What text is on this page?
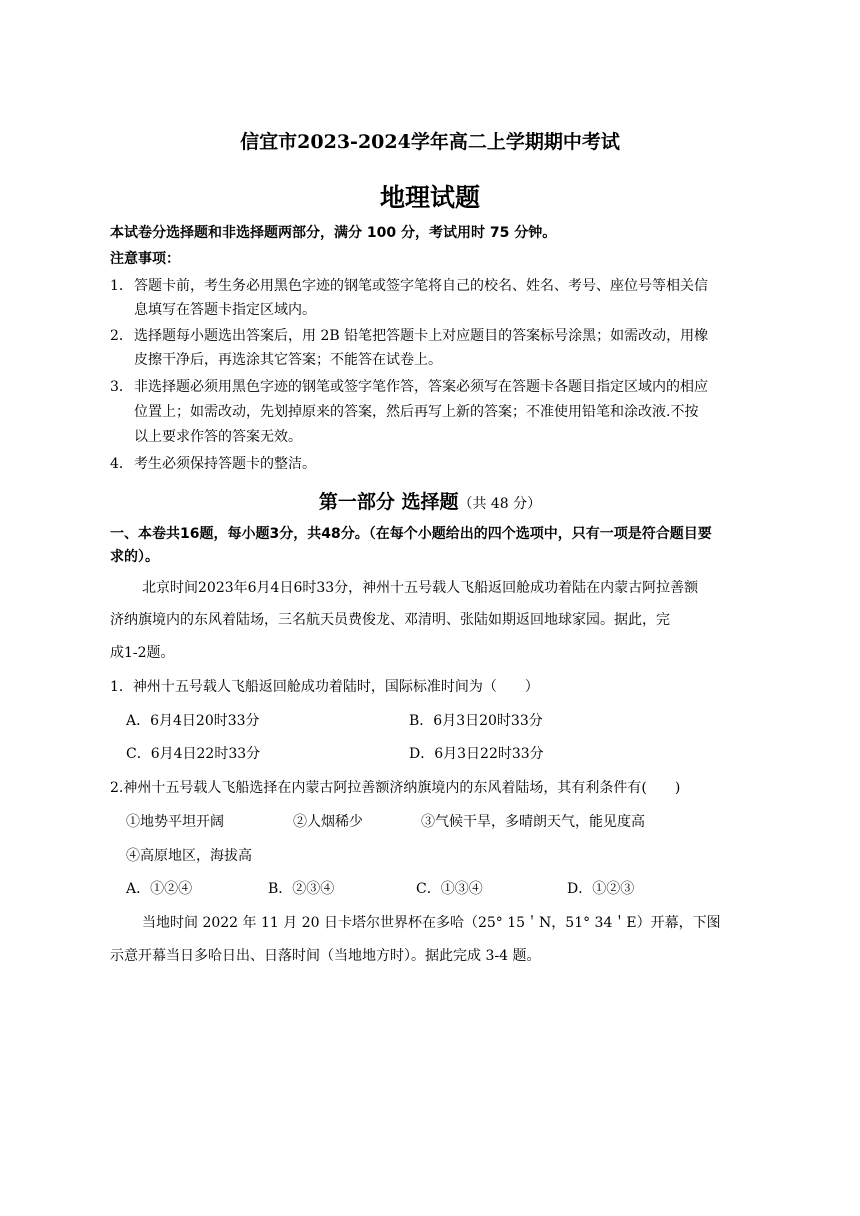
信宜市2023-2024学年高二上学期期中考试
地理试题
本试卷分选择题和非选择题两部分，满分 100 分，考试用时 75 分钟。
注意事项：
1． 答题卡前，考生务必用黑色字迹的钢笔或签字笔将自己的校名、姓名、考号、座位号等相关信
息填写在答题卡指定区域内。
2． 选择题每小题选出答案后，用 2B 铅笔把答题卡上对应题目的答案标号涂黑；如需改动，用橡
皮擦干净后，再选涂其它答案；不能答在试卷上。
3． 非选择题必须用黑色字迹的钢笔或签字笔作答，答案必须写在答题卡各题目指定区域内的相应
位置上；如需改动，先划掉原来的答案，然后再写上新的答案；不准使用铅笔和涂改液.不按
以上要求作答的答案无效。
4． 考生必须保持答题卡的整洁。
第一部分 选择题（共 48 分）
一、本卷共16题，每小题3分，共48分。（在每个小题给出的四个选项中，只有一项是符合题目要
求的）。
北京时间2023年6月4日6时33分，神州十五号载人飞船返回舱成功着陆在内蒙古阿拉善额
济纳旗境内的东风着陆场，三名航天员费俊龙、邓清明、张陆如期返回地球家园。据此，完
成1-2题。
1．神州十五号载人飞船返回舱成功着陆时，国际标准时间为（　　）
A．6月4日20时33分	B．6月3日20时33分
C．6月4日22时33分	D．6月3日22时33分
2.神州十五号载人飞船选择在内蒙古阿拉善额济纳旗境内的东风着陆场，其有利条件有(　　)
①地势平坦开阔	②人烟稀少	③气候干旱，多晴朗天气，能见度高
④高原地区，海拔高
A．①②④	B．②③④	C．①③④	D．①②③
当地时间 2022 年 11 月 20 日卡塔尔世界杯在多哈（25° 15＇N，51° 34＇E）开幕，下图
示意开幕当日多哈日出、日落时间（当地地方时）。据此完成 3-4 题。
